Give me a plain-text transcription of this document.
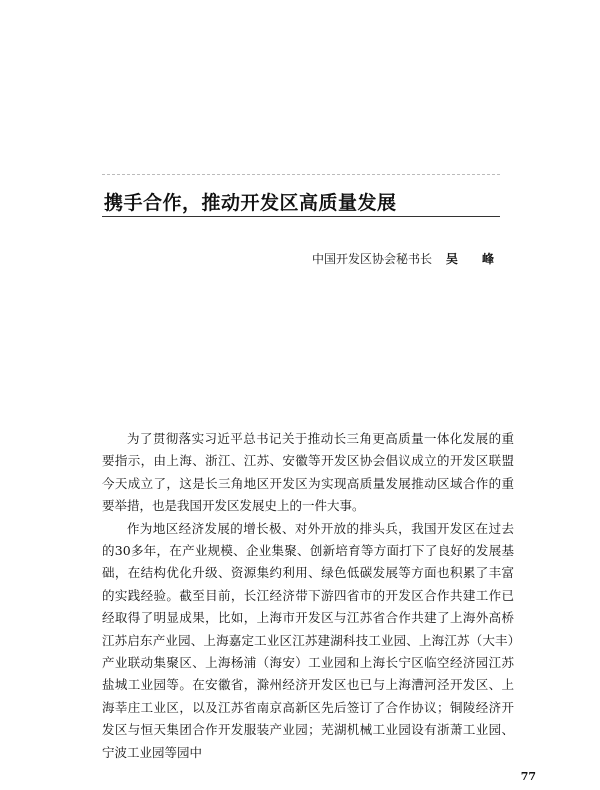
携手合作，推动开发区高质量发展
中国开发区协会秘书长 吴 峰

为了贯彻落实习近平总书记关于推动长三角更高质量一体化发展的重要指示，由上海、浙江、江苏、安徽等开发区协会倡议成立的开发区联盟今天成立了，这是长三角地区开发区为实现高质量发展推动区域合作的重要举措，也是我国开发区发展史上的一件大事。

作为地区经济发展的增长极、对外开放的排头兵，我国开发区在过去的30多年，在产业规模、企业集聚、创新培育等方面打下了良好的发展基础，在结构优化升级、资源集约利用、绿色低碳发展等方面也积累了丰富的实践经验。截至目前，长江经济带下游四省市的开发区合作共建工作已经取得了明显成果，比如，上海市开发区与江苏省合作共建了上海外高桥江苏启东产业园、上海嘉定工业区江苏建湖科技工业园、上海江苏（大丰）产业联动集聚区、上海杨浦（海安）工业园和上海长宁区临空经济园江苏盐城工业园等。在安徽省，滁州经济开发区也已与上海漕河泾开发区、上海莘庄工业区，以及江苏省南京高新区先后签订了合作协议；铜陵经济开发区与恒天集团合作开发服装产业园；芜湖机械工业园设有浙萧工业园、宁波工业园等园中

77
